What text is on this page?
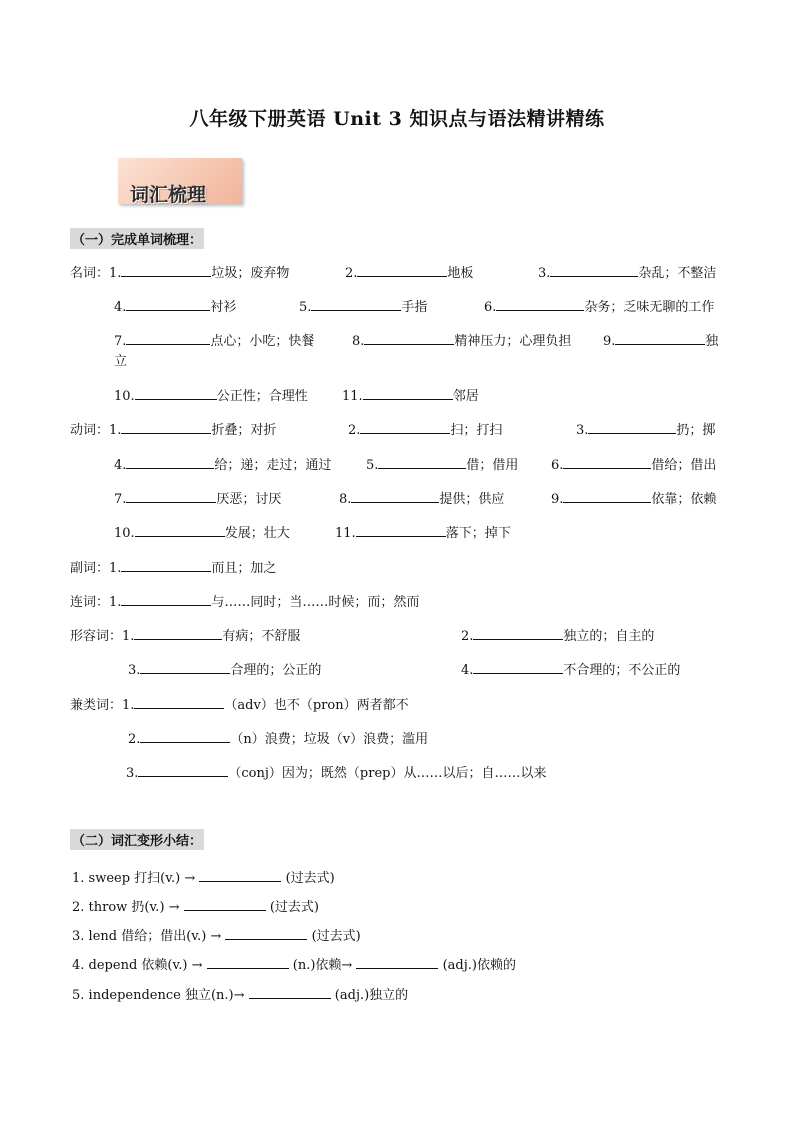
八年级下册英语 Unit 3 知识点与语法精讲精练
词汇梳理
（一）完成单词梳理：
名词：1.	垃圾；废弃物	2.	地板	3.	杂乱；不整洁
4.	衬衫	5.	手指	6.	杂务；乏味无聊的工作
7.	点心；小吃；快餐	8.	精神压力；心理负担 9.	独
立
10.	公正性；合理性	11.	邻居
动词：1.	折叠；对折	2.	扫；打扫	3.	扔；掷
4.	给；递；走过；通过	5.	借；借用	6.	借给；借出
7.	厌恶；讨厌	8.	提供；供应	9.	依靠；依赖
10.	发展；壮大	11.	落下；掉下
副词：1.	而且；加之
连词：1.	与……同时；当……时候；而；然而
形容词：1.	有病；不舒服	2.	独立的；自主的
3.	合理的；公正的	4.	不合理的；不公正的
兼类词：1.	（adv）也不（pron）两者都不
2.	（n）浪费；垃圾（v）浪费；滥用
3.	（conj）因为；既然（prep）从……以后；自……以来
（二）词汇变形小结：
1. sweep 打扫(v.) →	(过去式)
2. throw 扔(v.) →	(过去式)
3. lend 借给；借出(v.) →	(过去式)
4. depend 依赖(v.) →	(n.)依赖→	(adj.)依赖的
5. independence 独立(n.)→	(adj.)独立的
